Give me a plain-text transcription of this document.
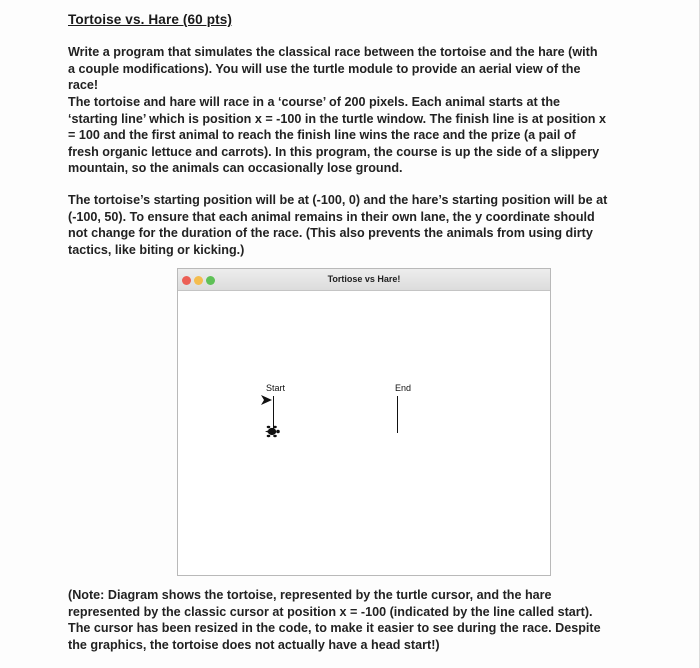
Tortoise vs. Hare (60 pts)

Write a program that simulates the classical race between the tortoise and the hare (with a couple modifications). You will use the turtle module to provide an aerial view of the race!

The tortoise and hare will race in a ‘course’ of 200 pixels. Each animal starts at the ‘starting line’ which is position x = -100 in the turtle window. The finish line is at position x = 100 and the first animal to reach the finish line wins the race and the prize (a pail of fresh organic lettuce and carrots). In this program, the course is up the side of a slippery mountain, so the animals can occasionally lose ground.

The tortoise’s starting position will be at (-100, 0) and the hare’s starting position will be at (-100, 50). To ensure that each animal remains in their own lane, the y coordinate should not change for the duration of the race. (This also prevents the animals from using dirty tactics, like biting or kicking.)

Tortiose vs Hare!
Start	End

(Note: Diagram shows the tortoise, represented by the turtle cursor, and the hare represented by the classic cursor at position x = -100 (indicated by the line called start). The cursor has been resized in the code, to make it easier to see during the race. Despite the graphics, the tortoise does not actually have a head start!)
